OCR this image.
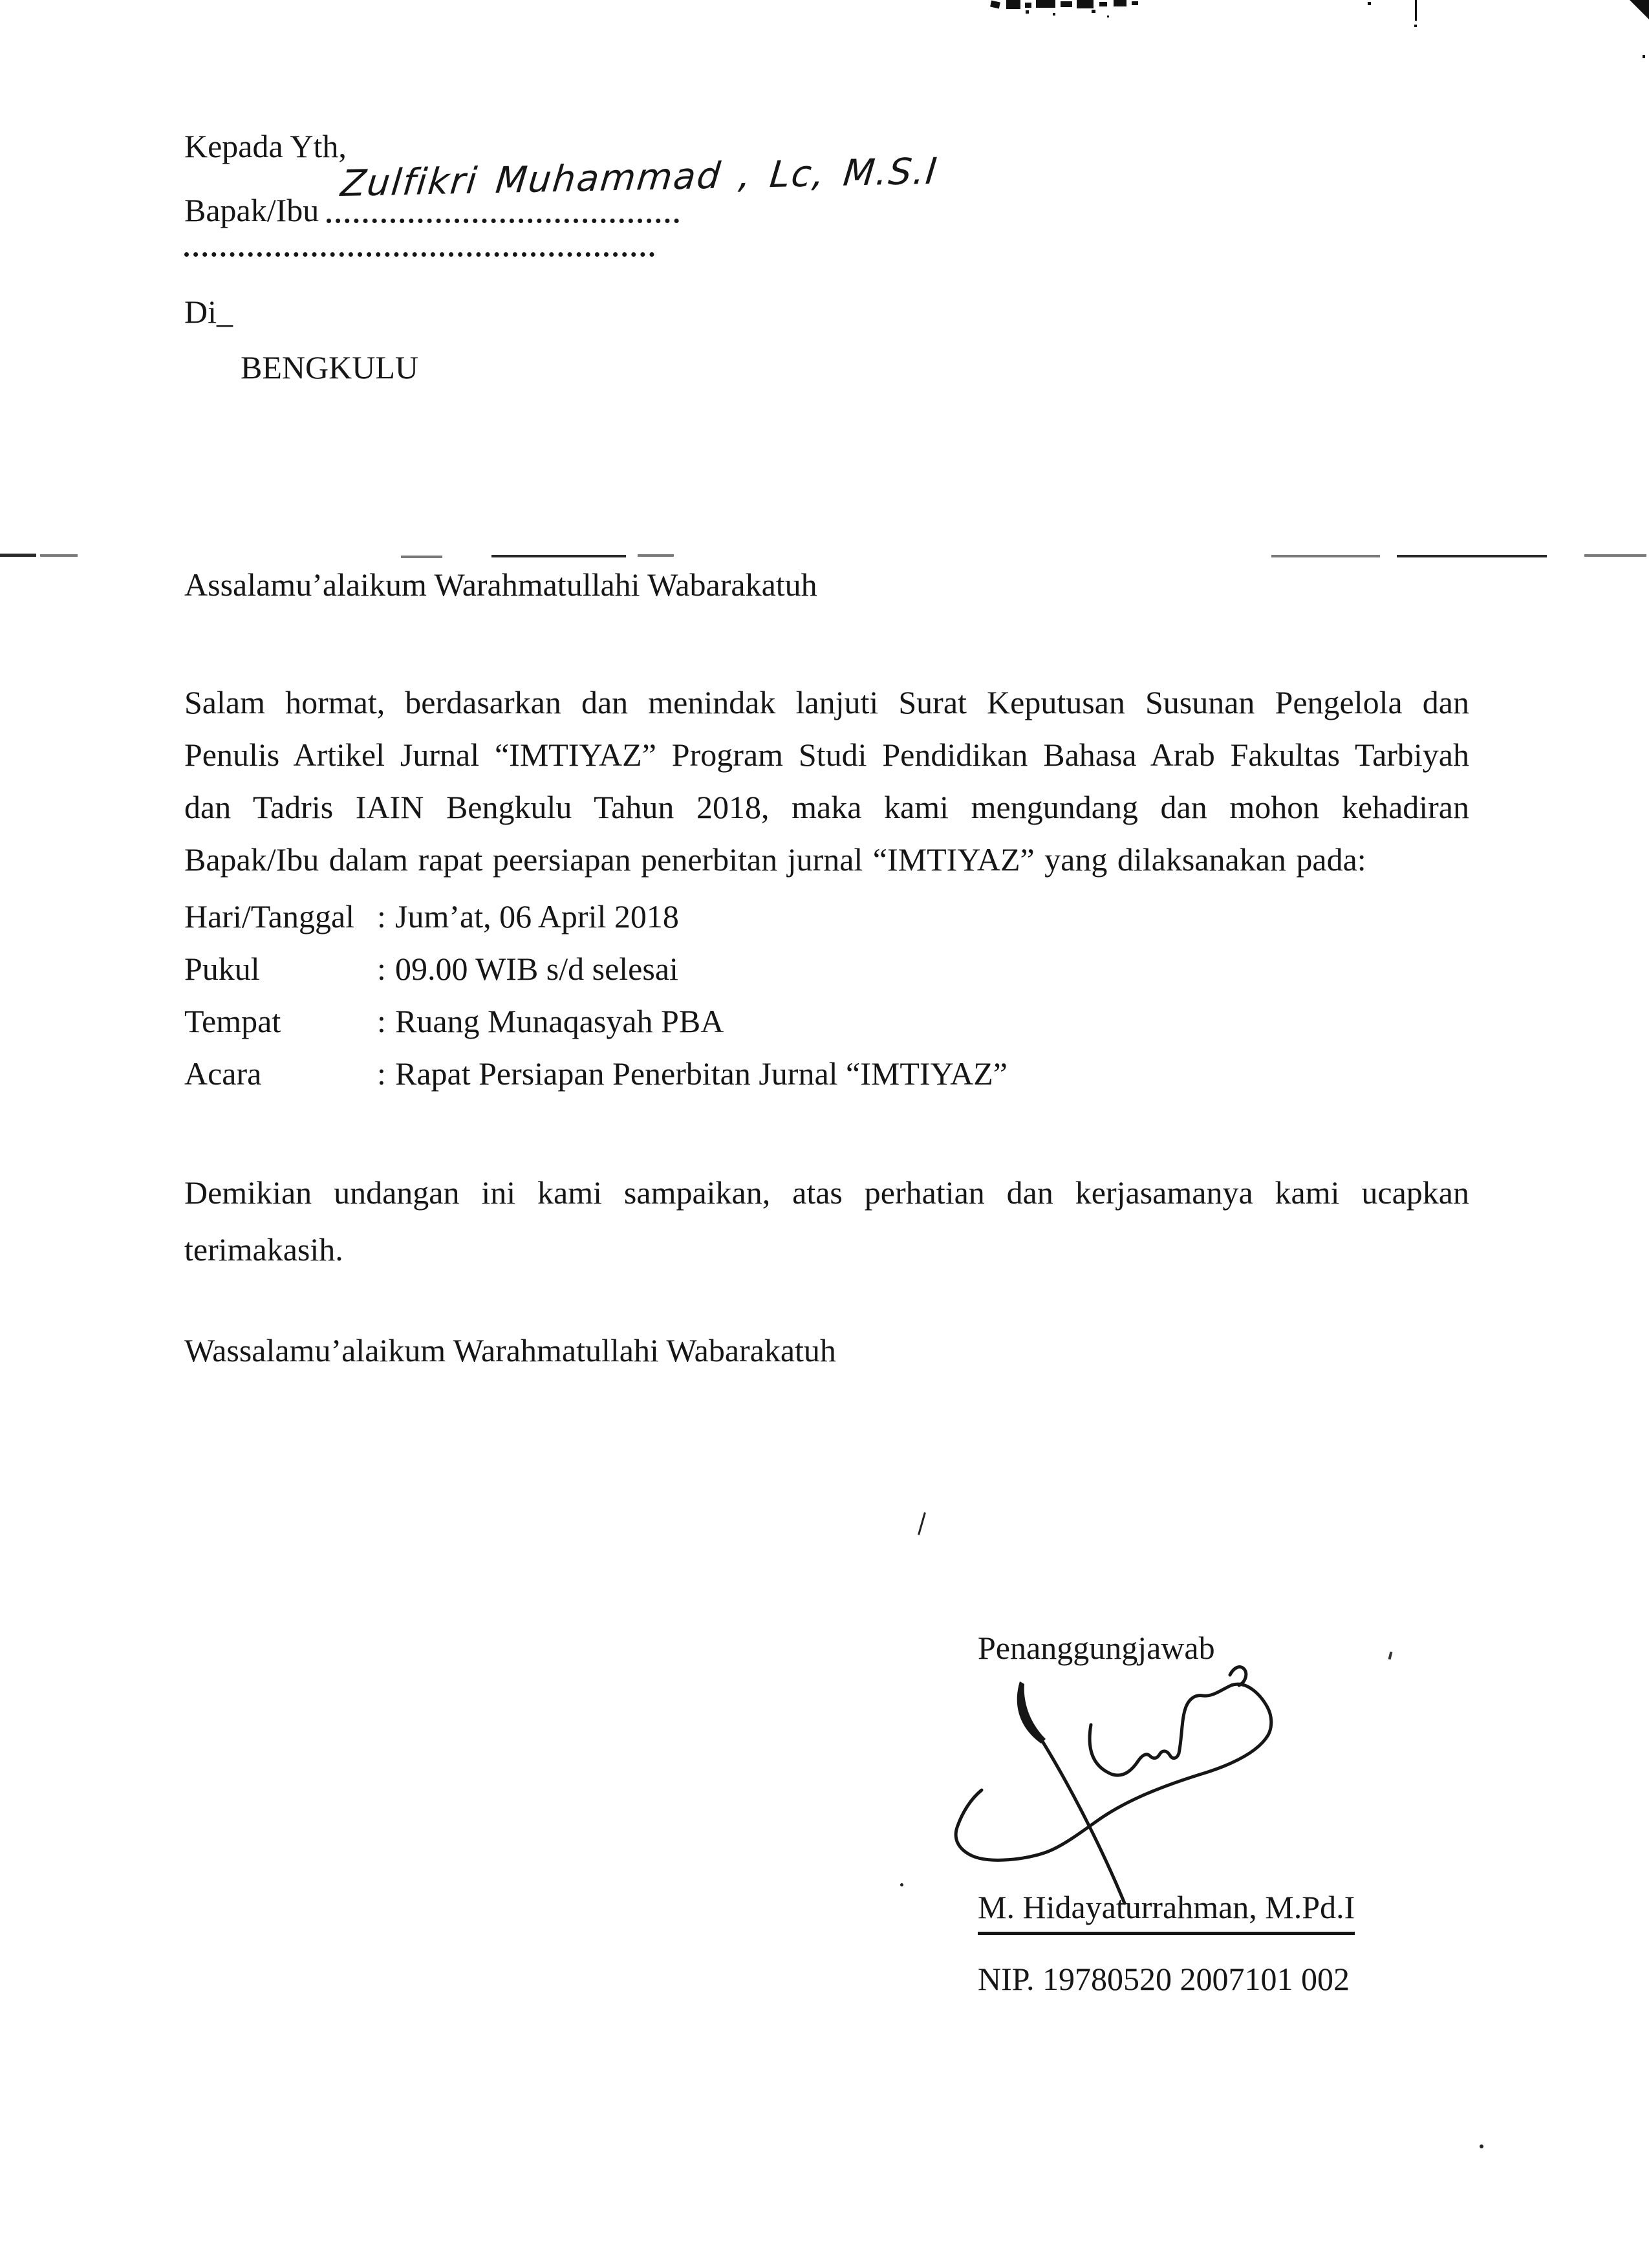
Kepada Yth,
Bapak/Ibu
Zulfikri Muhammad , Lc, M.S.I
Di_
BENGKULU
Assalamu’alaikum Warahmatullahi Wabarakatuh
Salam hormat, berdasarkan dan menindak lanjuti Surat Keputusan Susunan Pengelola dan Penulis Artikel Jurnal “IMTIYAZ” Program Studi Pendidikan Bahasa Arab Fakultas Tarbiyah dan Tadris IAIN Bengkulu Tahun 2018, maka kami mengundang dan mohon kehadiran Bapak/Ibu dalam rapat peersiapan penerbitan jurnal “IMTIYAZ” yang dilaksanakan pada:
Hari/Tanggal : Jum’at, 06 April 2018
Pukul	: 09.00 WIB s/d selesai
Tempat	: Ruang Munaqasyah PBA
Acara	: Rapat Persiapan Penerbitan Jurnal “IMTIYAZ”
Demikian undangan ini kami sampaikan, atas perhatian dan kerjasamanya kami ucapkan terimakasih.
Wassalamu’alaikum Warahmatullahi Wabarakatuh
Penanggungjawab
M. Hidayaturrahman, M.Pd.I
NIP. 19780520 2007101 002
